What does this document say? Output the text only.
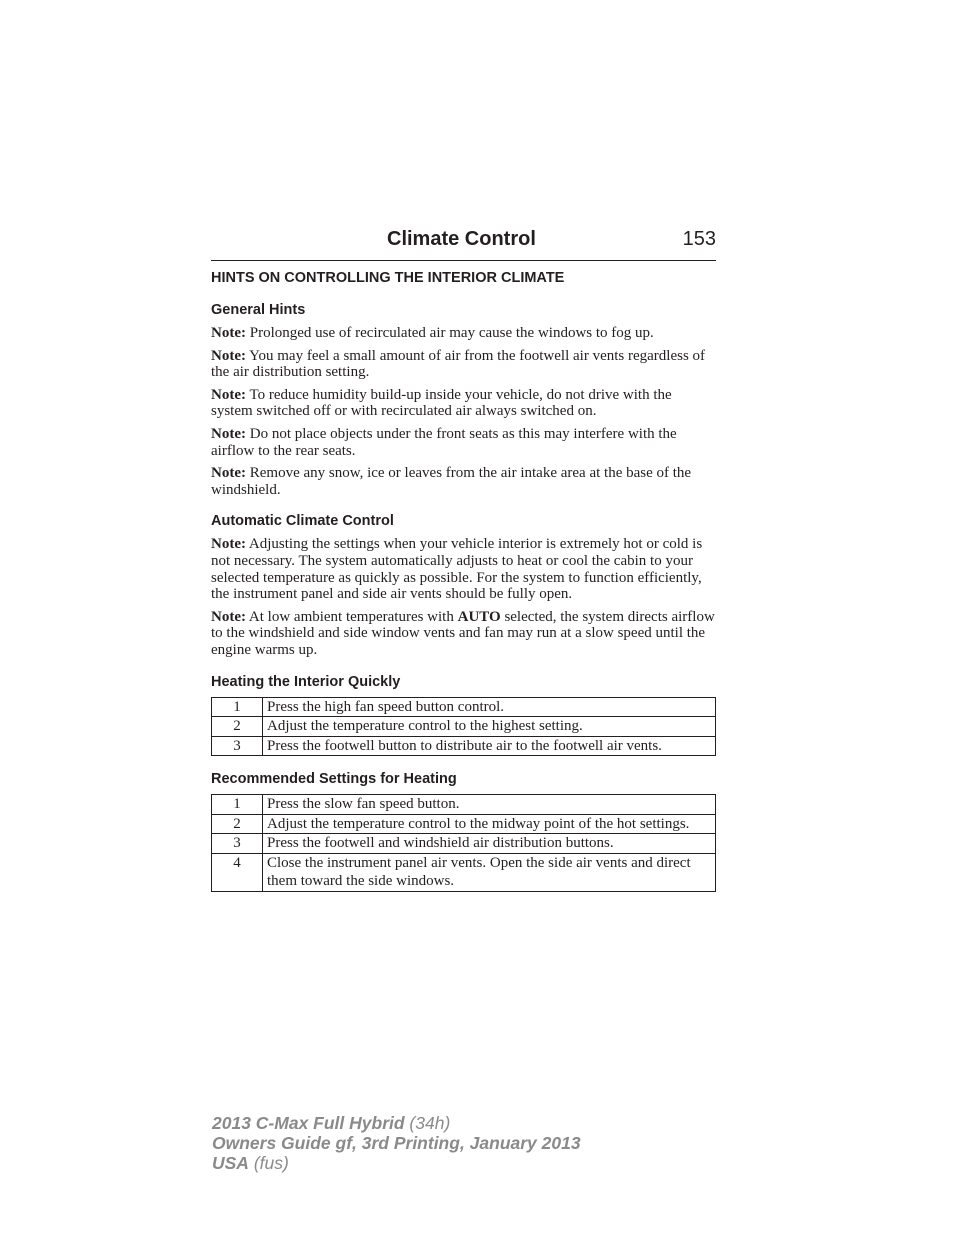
Climate Control	153
HINTS ON CONTROLLING THE INTERIOR CLIMATE
General Hints

Note: Prolonged use of recirculated air may cause the windows to fog up.

Note: You may feel a small amount of air from the footwell air vents regardless of the air distribution setting.

Note: To reduce humidity build-up inside your vehicle, do not drive with the system switched off or with recirculated air always switched on.

Note: Do not place objects under the front seats as this may interfere with the airflow to the rear seats.

Note: Remove any snow, ice or leaves from the air intake area at the base of the windshield.

Automatic Climate Control

Note: Adjusting the settings when your vehicle interior is extremely hot or cold is not necessary. The system automatically adjusts to heat or cool the cabin to your selected temperature as quickly as possible. For the system to function efficiently, the instrument panel and side air vents should be fully open.

Note: At low ambient temperatures with AUTO selected, the system directs airflow to the windshield and side window vents and fan may run at a slow speed until the engine warms up.

Heating the Interior Quickly
1	Press the high fan speed button control.
2	Adjust the temperature control to the highest setting.
3	Press the footwell button to distribute air to the footwell air vents.
Recommended Settings for Heating
1	Press the slow fan speed button.
2	Adjust the temperature control to the midway point of the hot settings.
3	Press the footwell and windshield air distribution buttons.
4	Close the instrument panel air vents. Open the side air vents and direct them toward the side windows.
2013 C-Max Full Hybrid (34h)
Owners Guide gf, 3rd Printing, January 2013
USA (fus)
